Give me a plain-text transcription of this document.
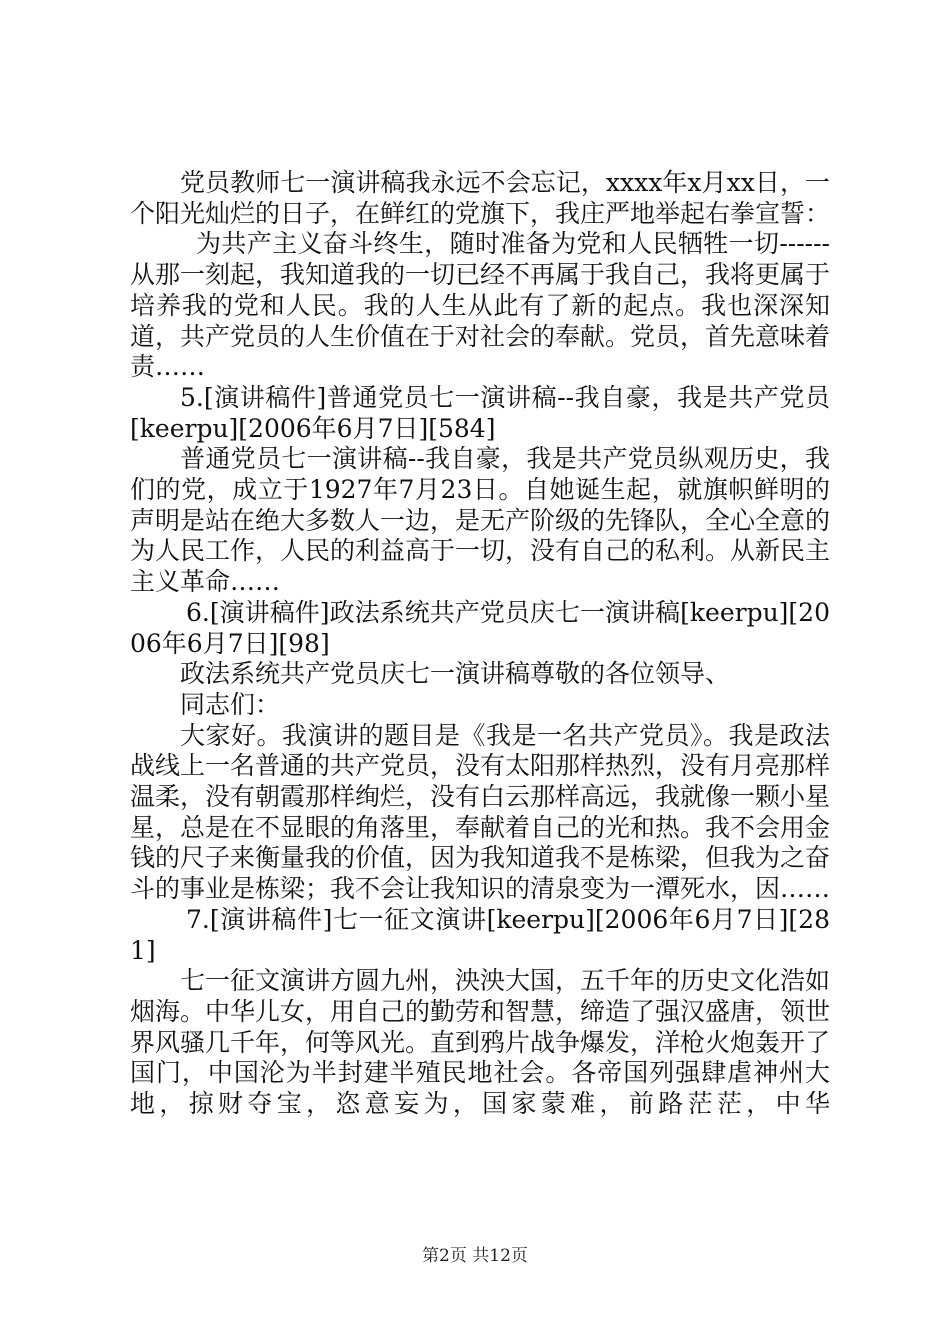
党员教师七一演讲稿我永远不会忘记，xxxx年x月xx日，一个阳光灿烂的日子，在鲜红的党旗下，我庄严地举起右拳宣誓：

为共产主义奋斗终生，随时准备为党和人民牺牲一切------从那一刻起，我知道我的一切已经不再属于我自己，我将更属于培养我的党和人民。我的人生从此有了新的起点。我也深深知道，共产党员的人生价值在于对社会的奉献。党员，首先意味着责……

5.[演讲稿件]普通党员七一演讲稿--我自豪，我是共产党员[keerpu][2006年6月7日][584]

普通党员七一演讲稿--我自豪，我是共产党员纵观历史，我们的党，成立于1927年7月23日。自她诞生起，就旗帜鲜明的声明是站在绝大多数人一边，是无产阶级的先锋队，全心全意的为人民工作，人民的利益高于一切，没有自己的私利。从新民主主义革命……

6.[演讲稿件]政法系统共产党员庆七一演讲稿[keerpu][2006年6月7日][98]

政法系统共产党员庆七一演讲稿尊敬的各位领导、

同志们：

大家好。我演讲的题目是《我是一名共产党员》。我是政法战线上一名普通的共产党员，没有太阳那样热烈，没有月亮那样温柔，没有朝霞那样绚烂，没有白云那样高远，我就像一颗小星星，总是在不显眼的角落里，奉献着自己的光和热。我不会用金钱的尺子来衡量我的价值，因为我知道我不是栋梁，但我为之奋斗的事业是栋梁；我不会让我知识的清泉变为一潭死水，因……

7.[演讲稿件]七一征文演讲[keerpu][2006年6月7日][281]

七一征文演讲方圆九州，泱泱大国，五千年的历史文化浩如烟海。中华儿女，用自己的勤劳和智慧，缔造了强汉盛唐，领世界风骚几千年，何等风光。直到鸦片战争爆发，洋枪火炮轰开了国门，中国沦为半封建半殖民地社会。各帝国列强肆虐神州大地，掠财夺宝，恣意妄为，国家蒙难，前路茫茫，中华

第2页 共12页
